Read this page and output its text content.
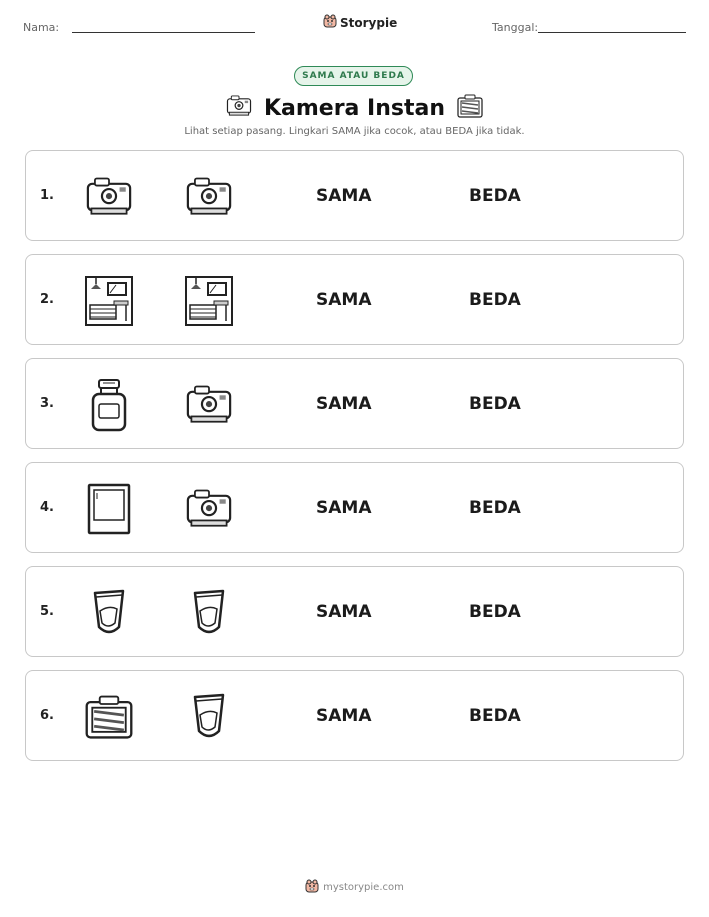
Nama:	Storypie	Tanggal:
SAMA ATAU BEDA
Kamera Instan
Lihat setiap pasang. Lingkari SAMA jika cocok, atau BEDA jika tidak.
1.	SAMA	BEDA
2.	SAMA	BEDA
3.	SAMA	BEDA
4.	SAMA	BEDA
5.	SAMA	BEDA
6.	SAMA	BEDA
mystorypie.com
